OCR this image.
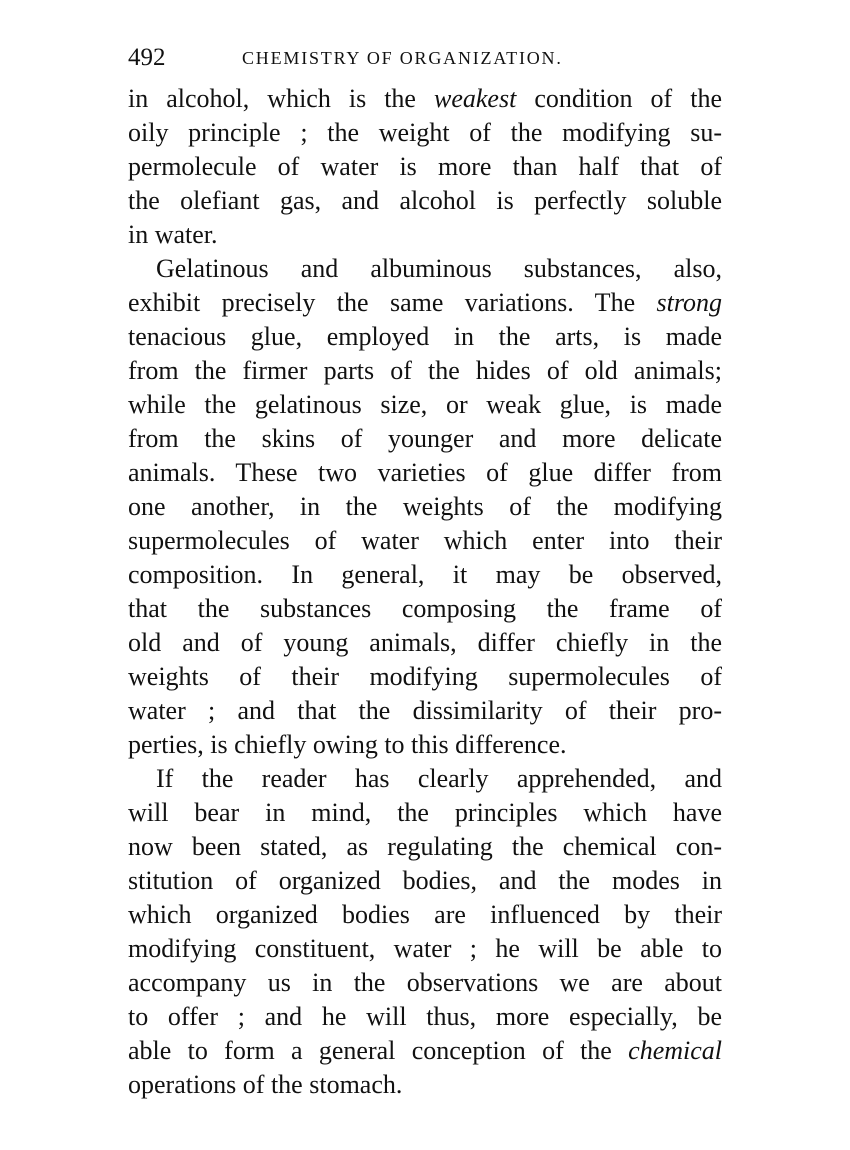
492	CHEMISTRY OF ORGANIZATION.
in alcohol, which is the weakest condition of the
oily principle ; the weight of the modifying su-
permolecule of water is more than half that of
the olefiant gas, and alcohol is perfectly soluble
in water.
Gelatinous and albuminous substances, also,
exhibit precisely the same variations. The strong
tenacious glue, employed in the arts, is made
from the firmer parts of the hides of old animals;
while the gelatinous size, or weak glue, is made
from the skins of younger and more delicate
animals. These two varieties of glue differ from
one another, in the weights of the modifying
supermolecules of water which enter into their
composition. In general, it may be observed,
that the substances composing the frame of
old and of young animals, differ chiefly in the
weights of their modifying supermolecules of
water ; and that the dissimilarity of their pro-
perties, is chiefly owing to this difference.
If the reader has clearly apprehended, and
will bear in mind, the principles which have
now been stated, as regulating the chemical con-
stitution of organized bodies, and the modes in
which organized bodies are influenced by their
modifying constituent, water ; he will be able to
accompany us in the observations we are about
to offer ; and he will thus, more especially, be
able to form a general conception of the chemical
operations of the stomach.
